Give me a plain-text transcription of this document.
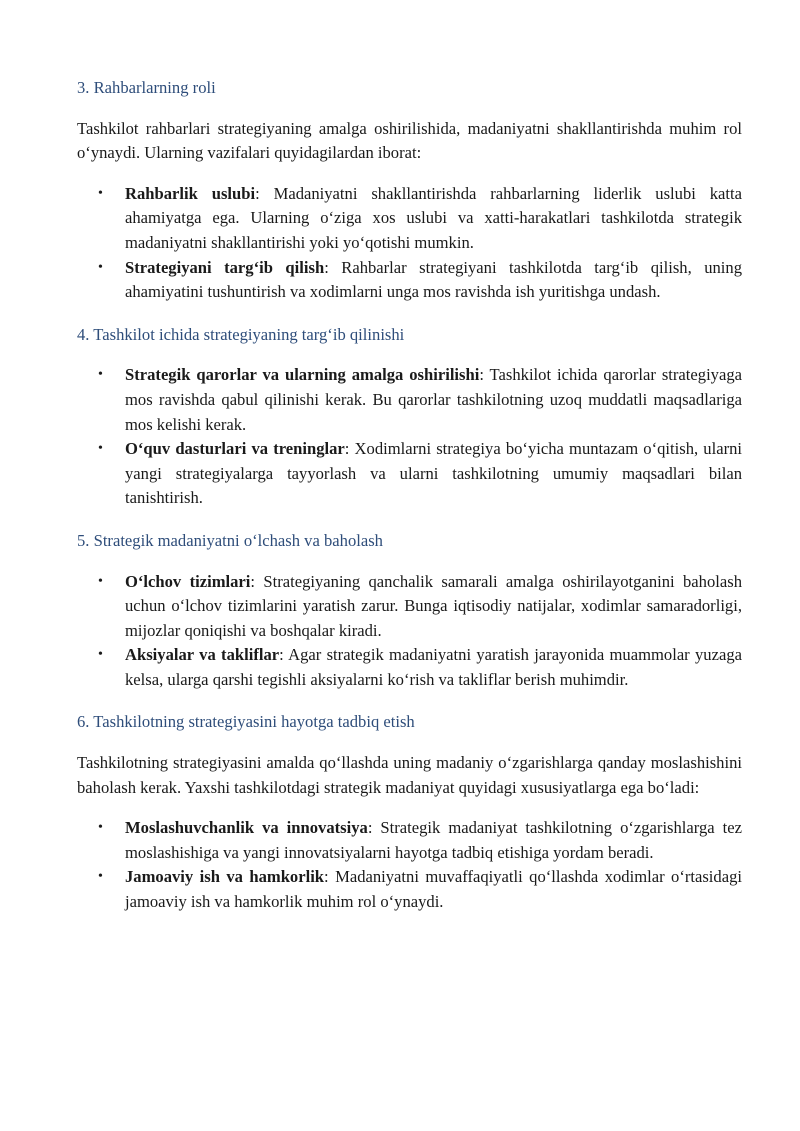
3. Rahbarlarning roli

Tashkilot rahbarlari strategiyaning amalga oshirilishida, madaniyatni shakllantirishda muhim rol oʻynaydi. Ularning vazifalari quyidagilardan iborat:

• Rahbarlik uslubi: Madaniyatni shakllantirishda rahbarlarning liderlik uslubi katta ahamiyatga ega. Ularning oʻziga xos uslubi va xatti-harakatlari tashkilotda strategik madaniyatni shakllantirishi yoki yoʻqotishi mumkin.
• Strategiyani targʻib qilish: Rahbarlar strategiyani tashkilotda targʻib qilish, uning ahamiyatini tushuntirish va xodimlarni unga mos ravishda ish yuritishga undash.
4. Tashkilot ichida strategiyaning targʻib qilinishi
• Strategik qarorlar va ularning amalga oshirilishi: Tashkilot ichida qarorlar strategiyaga mos ravishda qabul qilinishi kerak. Bu qarorlar tashkilotning uzoq muddatli maqsadlariga mos kelishi kerak.
• Oʻquv dasturlari va treninglar: Xodimlarni strategiya boʻyicha muntazam oʻqitish, ularni yangi strategiyalarga tayyorlash va ularni tashkilotning umumiy maqsadlari bilan tanishtirish.
5. Strategik madaniyatni oʻlchash va baholash
• Oʻlchov tizimlari: Strategiyaning qanchalik samarali amalga oshirilayotganini baholash uchun oʻlchov tizimlarini yaratish zarur. Bunga iqtisodiy natijalar, xodimlar samaradorligi, mijozlar qoniqishi va boshqalar kiradi.
• Aksiyalar va takliflar: Agar strategik madaniyatni yaratish jarayonida muammolar yuzaga kelsa, ularga qarshi tegishli aksiyalarni koʻrish va takliflar berish muhimdir.
6. Tashkilotning strategiyasini hayotga tadbiq etish

Tashkilotning strategiyasini amalda qoʻllashda uning madaniy oʻzgarishlarga qanday moslashishini baholash kerak. Yaxshi tashkilotdagi strategik madaniyat quyidagi xususiyatlarga ega boʻladi:

• Moslashuvchanlik va innovatsiya: Strategik madaniyat tashkilotning oʻzgarishlarga tez moslashishiga va yangi innovatsiyalarni hayotga tadbiq etishiga yordam beradi.
• Jamoaviy ish va hamkorlik: Madaniyatni muvaffaqiyatli qoʻllashda xodimlar oʻrtasidagi jamoaviy ish va hamkorlik muhim rol oʻynaydi.
